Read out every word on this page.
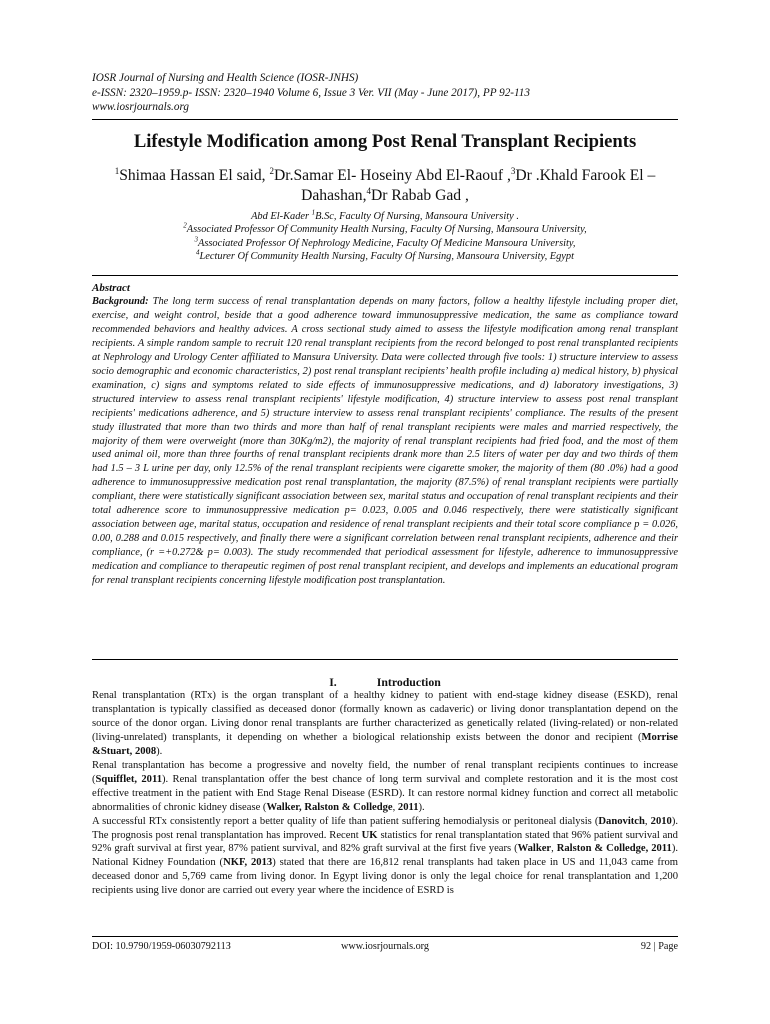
IOSR Journal of Nursing and Health Science (IOSR-JNHS)
e-ISSN: 2320–1959.p- ISSN: 2320–1940 Volume 6, Issue 3 Ver. VII (May - June 2017), PP 92-113
www.iosrjournals.org
Lifestyle Modification among Post Renal Transplant Recipients
$^1$Shimaa Hassan El said, $^2$Dr.Samar El- Hoseiny Abd El-Raouf ,$^3$Dr .Khald Farook El –Dahashan,$^4$Dr Rabab Gad ,
Abd El-Kader $^1$B.Sc, Faculty Of Nursing, Mansoura University .
$^2$Associated Professor Of Community Health Nursing, Faculty Of Nursing, Mansoura University,
$^3$Associated Professor Of Nephrology Medicine, Faculty Of Medicine Mansoura University,
$^4$Lecturer Of Community Health Nursing, Faculty Of Nursing, Mansoura University, Egypt
Abstract
Background: The long term success of renal transplantation depends on many factors, follow a healthy lifestyle including proper diet, exercise, and weight control, beside that a good adherence toward immunosuppressive medication, the same as compliance toward recommended behaviors and healthy advices. A cross sectional study aimed to assess the lifestyle modification among renal transplant recipients. A simple random sample to recruit 120 renal transplant recipients from the record belonged to post renal transplanted recipients at Nephrology and Urology Center affiliated to Mansura University. Data were collected through five tools: 1) structure interview to assess socio demographic and economic characteristics, 2) post renal transplant recipients’ health profile including a) medical history, b) physical examination, c) signs and symptoms related to side effects of immunosuppressive medications, and d) laboratory investigations, 3) structured interview to assess renal transplant recipients' lifestyle modification, 4) structure interview to assess post renal transplant recipients' medications adherence, and 5) structure interview to assess renal transplant recipients' compliance. The results of the present study illustrated that more than two thirds and more than half of renal transplant recipients were males and married respectively, the majority of them were overweight (more than 30Kg/m2), the majority of renal transplant recipients had fried food, and the most of them used animal oil, more than three fourths of renal transplant recipients drank more than 2.5 liters of water per day and two thirds of them had 1.5 – 3 L urine per day, only 12.5% of the renal transplant recipients were cigarette smoker, the majority of them (80 .0%) had a good adherence to immunosuppressive medication post renal transplantation, the majority (87.5%) of renal transplant recipients were partially compliant, there were statistically significant association between sex, marital status and occupation of renal transplant recipients and their total adherence score to immunosuppressive medication p= 0.023, 0.005 and 0.046 respectively, there were statistically significant association between age, marital status, occupation and residence of renal transplant recipients and their total score compliance p = 0.026, 0.00, 0.288 and 0.015 respectively, and finally there were a significant correlation between renal transplant recipients, adherence and their compliance, (r =+0.272& p= 0.003). The study recommended that periodical assessment for lifestyle, adherence to immunosuppressive medication and compliance to therapeutic regimen of post renal transplant recipient, and develops and implements an educational program for renal transplant recipients concerning lifestyle modification post transplantation.
I.	Introduction

Renal transplantation (RTx) is the organ transplant of a healthy kidney to patient with end-stage kidney disease (ESKD), renal transplantation is typically classified as deceased donor (formally known as cadaveric) or living donor transplantation depend on the source of the donor organ. Living donor renal transplants are further characterized as genetically related (living-related) or non-related (living-unrelated) transplants, it depending on whether a biological relationship exists between the donor and recipient (Morrise &Stuart, 2008).

Renal transplantation has become a progressive and novelty field, the number of renal transplant recipients continues to increase (Squifflet, 2011). Renal transplantation offer the best chance of long term survival and complete restoration and it is the most cost effective treatment in the patient with End Stage Renal Disease (ESRD). It can restore normal kidney function and correct all metabolic abnormalities of chronic kidney disease (Walker, Ralston & Colledge, 2011).

A successful RTx consistently report a better quality of life than patient suffering hemodialysis or peritoneal dialysis (Danovitch, 2010). The prognosis post renal transplantation has improved. Recent UK statistics for renal transplantation stated that 96% patient survival and 92% graft survival at first year, 87% patient survival, and 82% graft survival at the first five years (Walker, Ralston & Colledge, 2011). National Kidney Foundation (NKF, 2013) stated that there are 16,812 renal transplants had taken place in US and 11,043 came from deceased donor and 5,769 came from living donor. In Egypt living donor is only the legal choice for renal transplantation and 1,200 recipients using live donor are carried out every year where the incidence of ESRD is

DOI: 10.9790/1959-0603079211З	www.iosrjournals.org	92 | Page
